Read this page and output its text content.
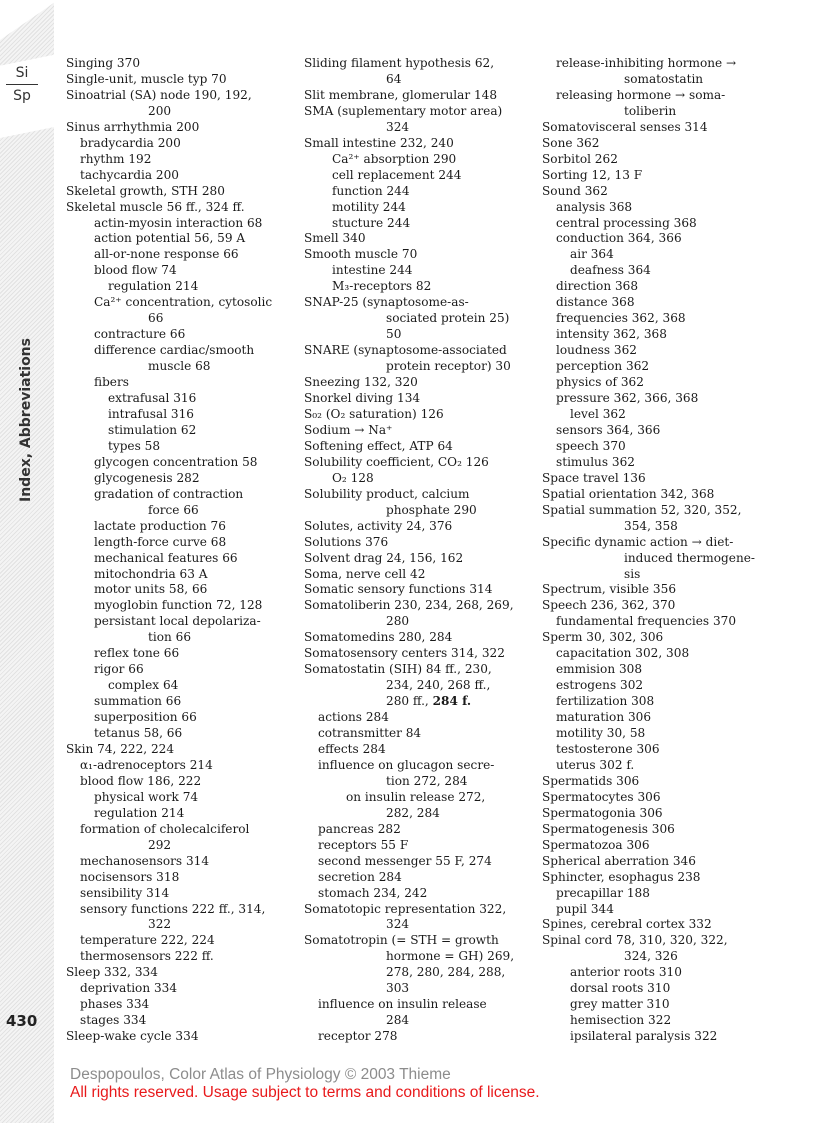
Si
Sp
Index, Abbreviations
430
Singing 370
Single-unit, muscle typ 70
Sinoatrial (SA) node 190, 192,
200
Sinus arrhythmia 200
bradycardia 200
rhythm 192
tachycardia 200
Skeletal growth, STH 280
Skeletal muscle 56 ff., 324 ff.
actin-myosin interaction 68
action potential 56, 59 A
all-or-none response 66
blood flow 74
regulation 214
Ca²⁺ concentration, cytosolic
66
contracture 66
difference cardiac/smooth
muscle 68
fibers
extrafusal 316
intrafusal 316
stimulation 62
types 58
glycogen concentration 58
glycogenesis 282
gradation of contraction
force 66
lactate production 76
length-force curve 68
mechanical features 66
mitochondria 63 A
motor units 58, 66
myoglobin function 72, 128
persistant local depolariza-
tion 66
reflex tone 66
rigor 66
complex 64
summation 66
superposition 66
tetanus 58, 66
Skin 74, 222, 224
α₁-adrenoceptors 214
blood flow 186, 222
physical work 74
regulation 214
formation of cholecalciferol
292
mechanosensors 314
nocisensors 318
sensibility 314
sensory functions 222 ff., 314,
322
temperature 222, 224
thermosensors 222 ff.
Sleep 332, 334
deprivation 334
phases 334
stages 334
Sleep-wake cycle 334
Sliding filament hypothesis 62,
64
Slit membrane, glomerular 148
SMA (suplementary motor area)
324
Small intestine 232, 240
Ca²⁺ absorption 290
cell replacement 244
function 244
motility 244
stucture 244
Smell 340
Smooth muscle 70
intestine 244
M₃-receptors 82
SNAP-25 (synaptosome-as-
sociated protein 25)
50
SNARE (synaptosome-associated
protein receptor) 30
Sneezing 132, 320
Snorkel diving 134
S₀₂ (O₂ saturation) 126
Sodium → Na⁺
Softening effect, ATP 64
Solubility coefficient, CO₂ 126
O₂ 128
Solubility product, calcium
phosphate 290
Solutes, activity 24, 376
Solutions 376
Solvent drag 24, 156, 162
Soma, nerve cell 42
Somatic sensory functions 314
Somatoliberin 230, 234, 268, 269,
280
Somatomedins 280, 284
Somatosensory centers 314, 322
Somatostatin (SIH) 84 ff., 230,
234, 240, 268 ff.,
280 ff., 284 f.
actions 284
cotransmitter 84
effects 284
influence on glucagon secre-
tion 272, 284
on insulin release 272,
282, 284
pancreas 282
receptors 55 F
second messenger 55 F, 274
secretion 284
stomach 234, 242
Somatotopic representation 322,
324
Somatotropin (= STH = growth
hormone = GH) 269,
278, 280, 284, 288,
303
influence on insulin release
284
receptor 278
release-inhibiting hormone →
somatostatin
releasing hormone → soma-
toliberin
Somatovisceral senses 314
Sone 362
Sorbitol 262
Sorting 12, 13 F
Sound 362
analysis 368
central processing 368
conduction 364, 366
air 364
deafness 364
direction 368
distance 368
frequencies 362, 368
intensity 362, 368
loudness 362
perception 362
physics of 362
pressure 362, 366, 368
level 362
sensors 364, 366
speech 370
stimulus 362
Space travel 136
Spatial orientation 342, 368
Spatial summation 52, 320, 352,
354, 358
Specific dynamic action → diet-
induced thermogene-
sis
Spectrum, visible 356
Speech 236, 362, 370
fundamental frequencies 370
Sperm 30, 302, 306
capacitation 302, 308
emmision 308
estrogens 302
fertilization 308
maturation 306
motility 30, 58
testosterone 306
uterus 302 f.
Spermatids 306
Spermatocytes 306
Spermatogonia 306
Spermatogenesis 306
Spermatozoa 306
Spherical aberration 346
Sphincter, esophagus 238
precapillar 188
pupil 344
Spines, cerebral cortex 332
Spinal cord 78, 310, 320, 322,
324, 326
anterior roots 310
dorsal roots 310
grey matter 310
hemisection 322
ipsilateral paralysis 322
Despopoulos, Color Atlas of Physiology © 2003 Thieme
All rights reserved. Usage subject to terms and conditions of license.
